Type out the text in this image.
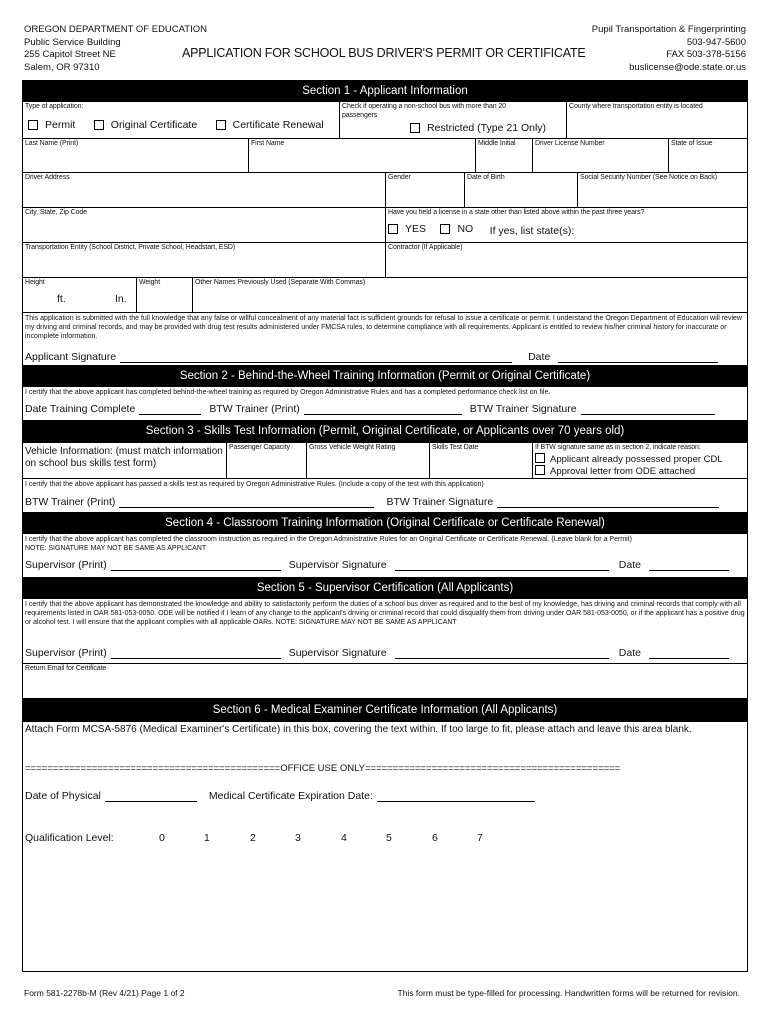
OREGON DEPARTMENT OF EDUCATION
Public Service Building
255 Capitol Street NE
Salem, OR 97310
APPLICATION FOR SCHOOL BUS DRIVER'S PERMIT OR CERTIFICATE
Pupil Transportation & Fingerprinting
503-947-5600
FAX 503-378-5156
buslicense@ode.state.or.us
Section 1 - Applicant Information
Type of application:
Permit
	Original Certificate
	Certificate Renewal
Check if operating a non-school bus with more than 20 passengers
Restricted (Type 21 Only)
County where transportation entity is located
Last Name (Print)	First Name	Middle Initial	Driver License Number	State of Issue
Driver Address	Gender	Date of Birth	Social Security Number (See Notice on Back)
City, State, Zip Code	Have you held a license in a state other than listed above within the past three years?
YES
	NO If yes, list state(s):
Transportation Entity (School District, Private School, Headstart, ESD)	Contractor (If Applicable)
Height
ft.	In.
Weight	Other Names Previously Used (Separate With Commas)
This application is submitted with the full knowledge that any false or willful concealment of any material fact is sufficient grounds for refusal to issue a certificate or permit. I understand the Oregon Department of Education will review my driving and criminal records, and may be provided with drug test results administered under FMCSA rules, to determine compliance with all requirements. Applicant is entitled to review his/her criminal history for inaccurate or incomplete information.
Applicant Signature	Date
Section 2 - Behind-the-Wheel Training Information (Permit or Original Certificate)
I certify that the above applicant has completed behind-the-wheel training as required by Oregon Administrative Rules and has a completed performance check list on file.
Date Training Complete	BTW Trainer (Print)	BTW Trainer Signature
Section 3 - Skills Test Information (Permit, Original Certificate, or Applicants over 70 years old)
Vehicle Information: (must match information on school bus skills test form)
Passenger Capacity	Gross Vehicle Weight Rating	Skills Test Date	If BTW signature same as in section 2, indicate reason:
Applicant already possessed proper CDL
Approval letter from ODE attached
I certify that the above applicant has passed a skills test as required by Oregon Administrative Rules. (Include a copy of the test with this application)
BTW Trainer (Print)	BTW Trainer Signature
Section 4 - Classroom Training Information (Original Certificate or Certificate Renewal)
I certify that the above applicant has completed the classroom instruction as required in the Oregon Administrative Rules for an Original Certificate or Certificate Renewal. (Leave blank for a Permit)
NOTE: SIGNATURE MAY NOT BE SAME AS APPLICANT
Supervisor (Print)	Supervisor Signature	Date
Section 5 - Supervisor Certification (All Applicants)
I certify that the above applicant has demonstrated the knowledge and ability to satisfactorily perform the duties of a school bus driver as required and to the best of my knowledge, has driving and criminal records that comply with all requirements listed in OAR 581-053-0050. ODE will be notified if I learn of any change to the applicant's driving or criminal record that could disqualify them from driving under OAR 581-053-0050, or if the applicant has a positive drug or alcohol test. I will ensure that the applicant complies with all applicable OARs. NOTE: SIGNATURE MAY NOT BE SAME AS APPLICANT
Supervisor (Print)	Supervisor Signature	Date
Return Email for Certificate
Section 6 - Medical Examiner Certificate Information (All Applicants)
Attach Form MCSA-5876 (Medical Examiner's Certificate) in this box, covering the text within. If too large to fit, please attach and leave this area blank.
==============================================OFFICE USE ONLY==============================================
Date of Physical	Medical Certificate Expiration Date:
Qualification Level:	0	1	2	3	4	5	6	7
Form 581-2278b-M (Rev 4/21) Page 1 of 2	This form must be type-filled for processing. Handwritten forms will be returned for revision.
